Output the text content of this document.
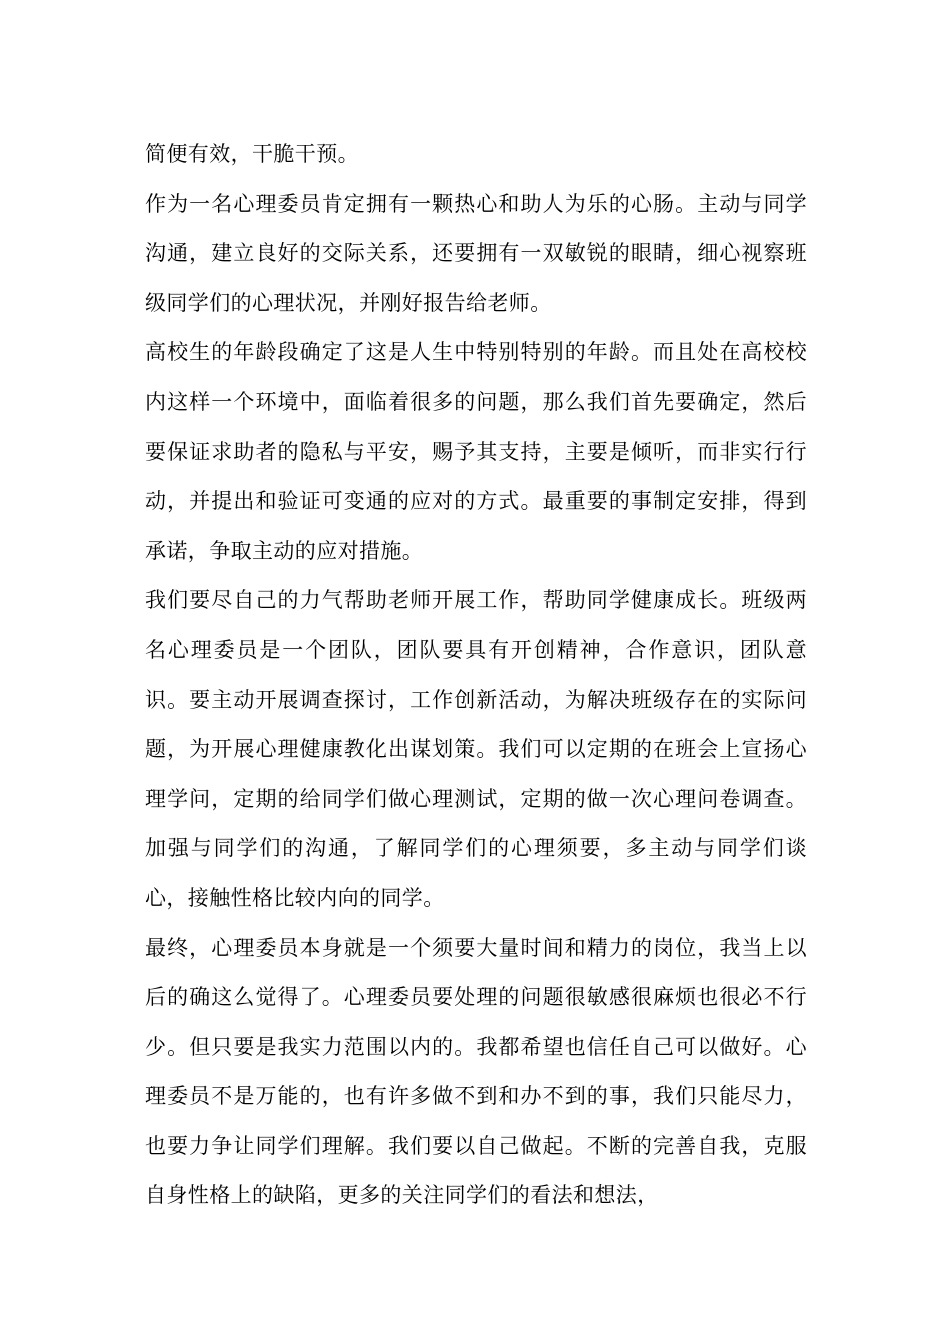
简便有效，干脆干预。

作为一名心理委员肯定拥有一颗热心和助人为乐的心肠。主动与同学沟通，建立良好的交际关系，还要拥有一双敏锐的眼睛，细心视察班级同学们的心理状况，并刚好报告给老师。

高校生的年龄段确定了这是人生中特别特别的年龄。而且处在高校校内这样一个环境中，面临着很多的问题，那么我们首先要确定，然后要保证求助者的隐私与平安，赐予其支持，主要是倾听，而非实行行动，并提出和验证可变通的应对的方式。最重要的事制定安排，得到承诺，争取主动的应对措施。

我们要尽自己的力气帮助老师开展工作，帮助同学健康成长。班级两名心理委员是一个团队，团队要具有开创精神，合作意识，团队意识。要主动开展调查探讨，工作创新活动，为解决班级存在的实际问题，为开展心理健康教化出谋划策。我们可以定期的在班会上宣扬心理学问，定期的给同学们做心理测试，定期的做一次心理问卷调查。加强与同学们的沟通，了解同学们的心理须要，多主动与同学们谈心，接触性格比较内向的同学。

最终，心理委员本身就是一个须要大量时间和精力的岗位，我当上以后的确这么觉得了。心理委员要处理的问题很敏感很麻烦也很必不行少。但只要是我实力范围以内的。我都希望也信任自己可以做好。心理委员不是万能的，也有许多做不到和办不到的事，我们只能尽力，也要力争让同学们理解。我们要以自己做起。不断的完善自我，克服自身性格上的缺陷，更多的关注同学们的看法和想法，
